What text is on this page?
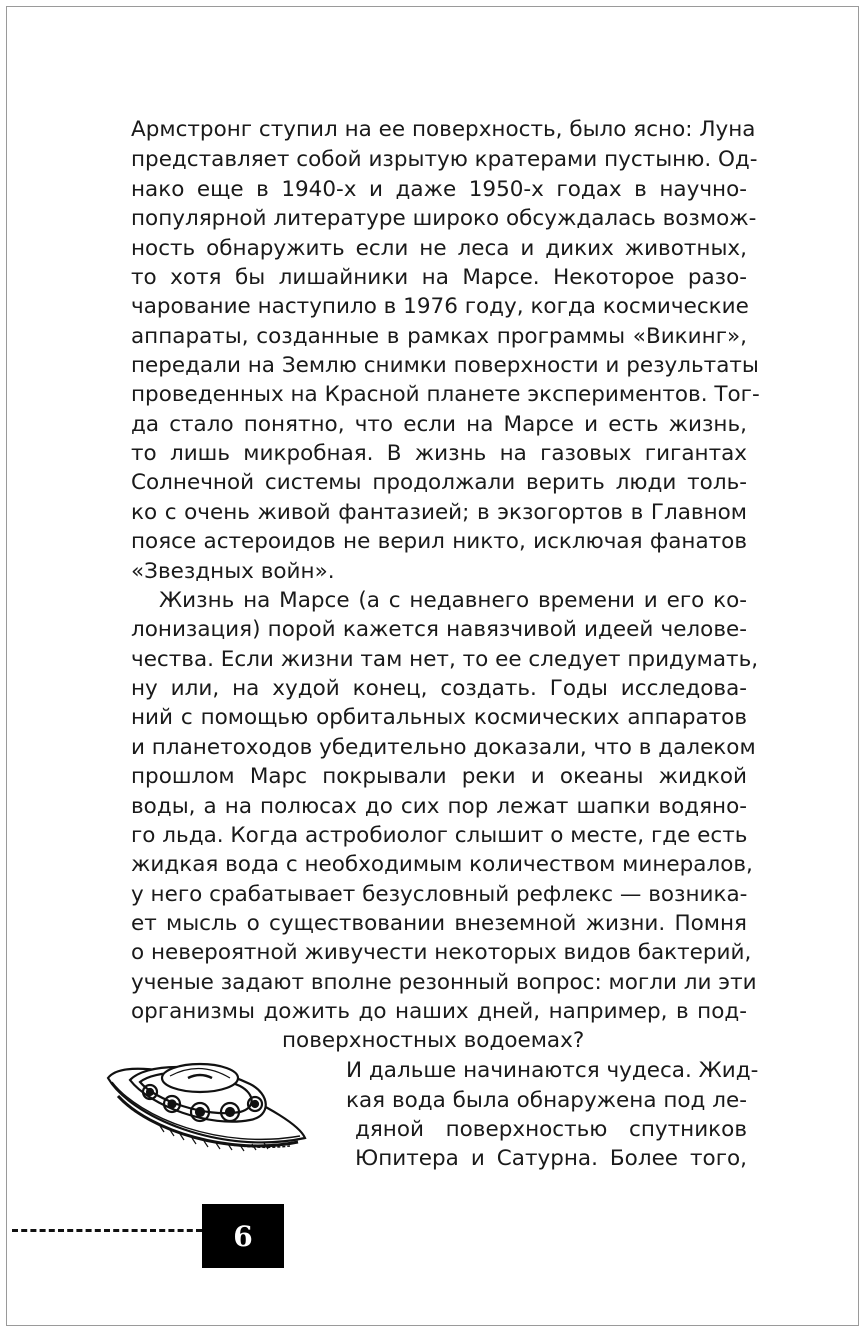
Армстронг ступил на ее поверхность, было ясно: Луна
представляет собой изрытую кратерами пустыню. Од-
нако еще в 1940-х и даже 1950-х годах в научно-
популярной литературе широко обсуждалась возмож-
ность обнаружить если не леса и диких животных,
то хотя бы лишайники на Марсе. Некоторое разо-
чарование наступило в 1976 году, когда космические
аппараты, созданные в рамках программы «Викинг»,
передали на Землю снимки поверхности и результаты
проведенных на Красной планете экспериментов. Тог-
да стало понятно, что если на Марсе и есть жизнь,
то лишь микробная. В жизнь на газовых гигантах
Солнечной системы продолжали верить люди толь-
ко с очень живой фантазией; в экзогортов в Главном
поясе астероидов не верил никто, исключая фанатов
«Звездных войн».
Жизнь на Марсе (а с недавнего времени и его ко-
лонизация) порой кажется навязчивой идеей челове-
чества. Если жизни там нет, то ее следует придумать,
ну или, на худой конец, создать. Годы исследова-
ний с помощью орбитальных космических аппаратов
и планетоходов убедительно доказали, что в далеком
прошлом Марс покрывали реки и океаны жидкой
воды, а на полюсах до сих пор лежат шапки водяно-
го льда. Когда астробиолог слышит о месте, где есть
жидкая вода с необходимым количеством минералов,
у него срабатывает безусловный рефлекс — возника-
ет мысль о существовании внеземной жизни. Помня
о невероятной живучести некоторых видов бактерий,
ученые задают вполне резонный вопрос: могли ли эти
организмы дожить до наших дней, например, в под-
поверхностных водоемах?
И дальше начинаются чудеса. Жид-
кая вода была обнаружена под ле-
дяной поверхностью спутников
Юпитера и Сатурна. Более того,
6
